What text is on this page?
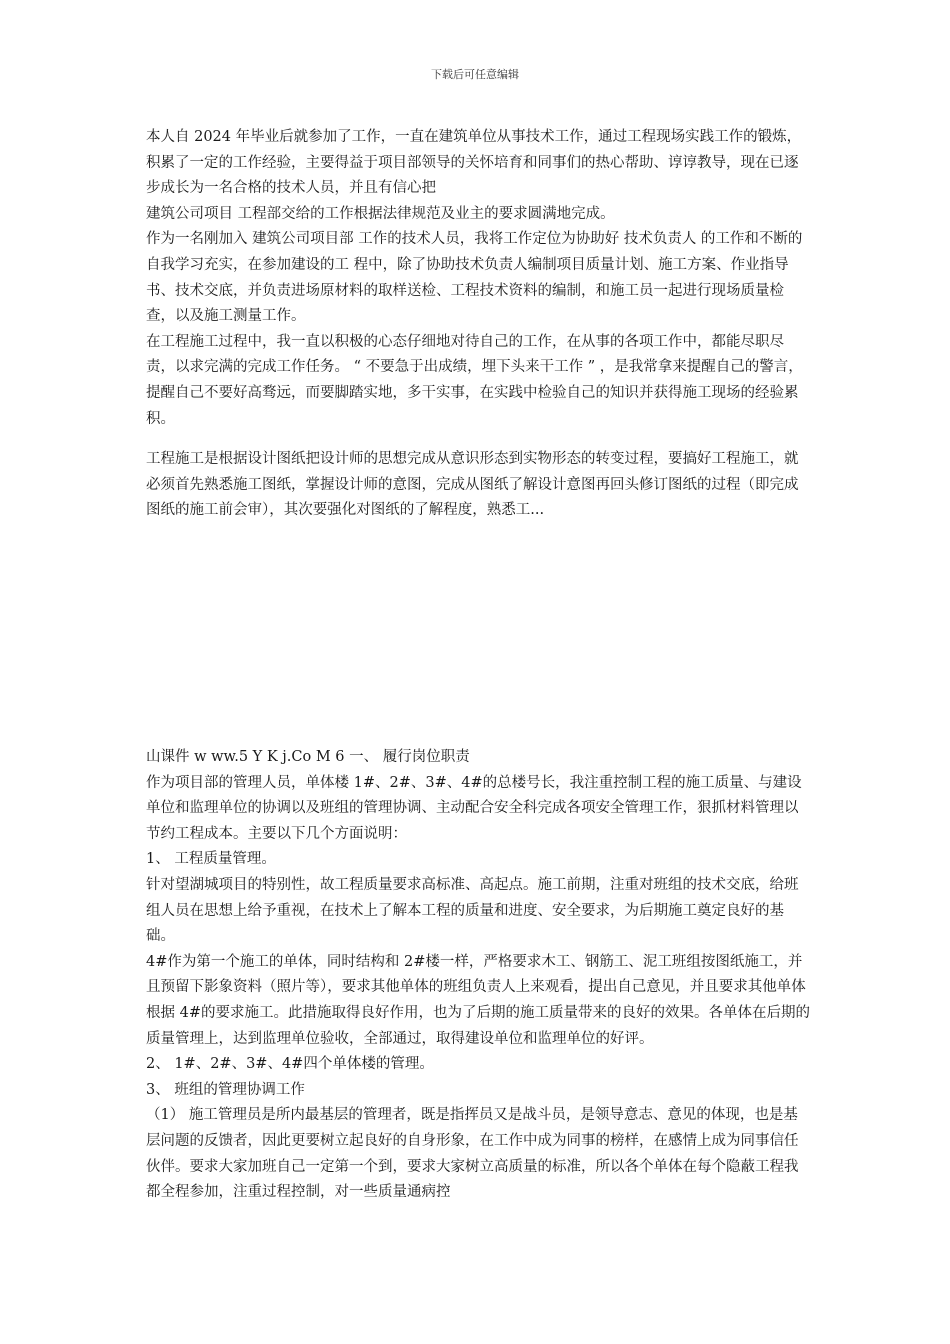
下载后可任意编辑

本人自 2024 年毕业后就参加了工作，一直在建筑单位从事技术工作，通过工程现场实践工作的锻炼，积累了一定的工作经验，主要得益于项目部领导的关怀培育和同事们的热心帮助、谆谆教导，现在已逐步成长为一名合格的技术人员，并且有信心把

建筑公司项目 工程部交给的工作根据法律规范及业主的要求圆满地完成。

作为一名刚加入 建筑公司项目部 工作的技术人员，我将工作定位为协助好 技术负责人 的工作和不断的自我学习充实，在参加建设的工 程中，除了协助技术负责人编制项目质量计划、施工方案、作业指导书、技术交底，并负责进场原材料的取样送检、工程技术资料的编制，和施工员一起进行现场质量检查，以及施工测量工作。

在工程施工过程中，我一直以积极的心态仔细地对待自己的工作，在从事的各项工作中，都能尽职尽责，以求完满的完成工作任务。 “ 不要急于出成绩，埋下头来干工作 ” ，是我常拿来提醒自己的警言，提醒自己不要好高骛远，而要脚踏实地，多干实事，在实践中检验自己的知识并获得施工现场的经验累积。

工程施工是根据设计图纸把设计师的思想完成从意识形态到实物形态的转变过程，要搞好工程施工，就必须首先熟悉施工图纸，掌握设计师的意图，完成从图纸了解设计意图再回头修订图纸的过程（即完成图纸的施工前会审），其次要强化对图纸的了解程度，熟悉工...

山课件 w ww.5 Y K j.Co M 6 一、 履行岗位职责

作为项目部的管理人员，单体楼 1#、2#、3#、4#的总楼号长，我注重控制工程的施工质量、与建设单位和监理单位的协调以及班组的管理协调、主动配合安全科完成各项安全管理工作，狠抓材料管理以节约工程成本。主要以下几个方面说明：

1、 工程质量管理。

针对望湖城项目的特别性，故工程质量要求高标准、高起点。施工前期，注重对班组的技术交底，给班组人员在思想上给予重视，在技术上了解本工程的质量和进度、安全要求，为后期施工奠定良好的基础。

4#作为第一个施工的单体，同时结构和 2#楼一样，严格要求木工、钢筋工、泥工班组按图纸施工，并且预留下影象资料（照片等），要求其他单体的班组负责人上来观看，提出自己意见，并且要求其他单体根据 4#的要求施工。此措施取得良好作用，也为了后期的施工质量带来的良好的效果。各单体在后期的质量管理上，达到监理单位验收，全部通过，取得建设单位和监理单位的好评。

2、 1#、2#、3#、4#四个单体楼的管理。

3、 班组的管理协调工作

（1） 施工管理员是所内最基层的管理者，既是指挥员又是战斗员，是领导意志、意见的体现，也是基层问题的反馈者，因此更要树立起良好的自身形象，在工作中成为同事的榜样，在感情上成为同事信任伙伴。要求大家加班自己一定第一个到，要求大家树立高质量的标准，所以各个单体在每个隐蔽工程我都全程参加，注重过程控制，对一些质量通病控
